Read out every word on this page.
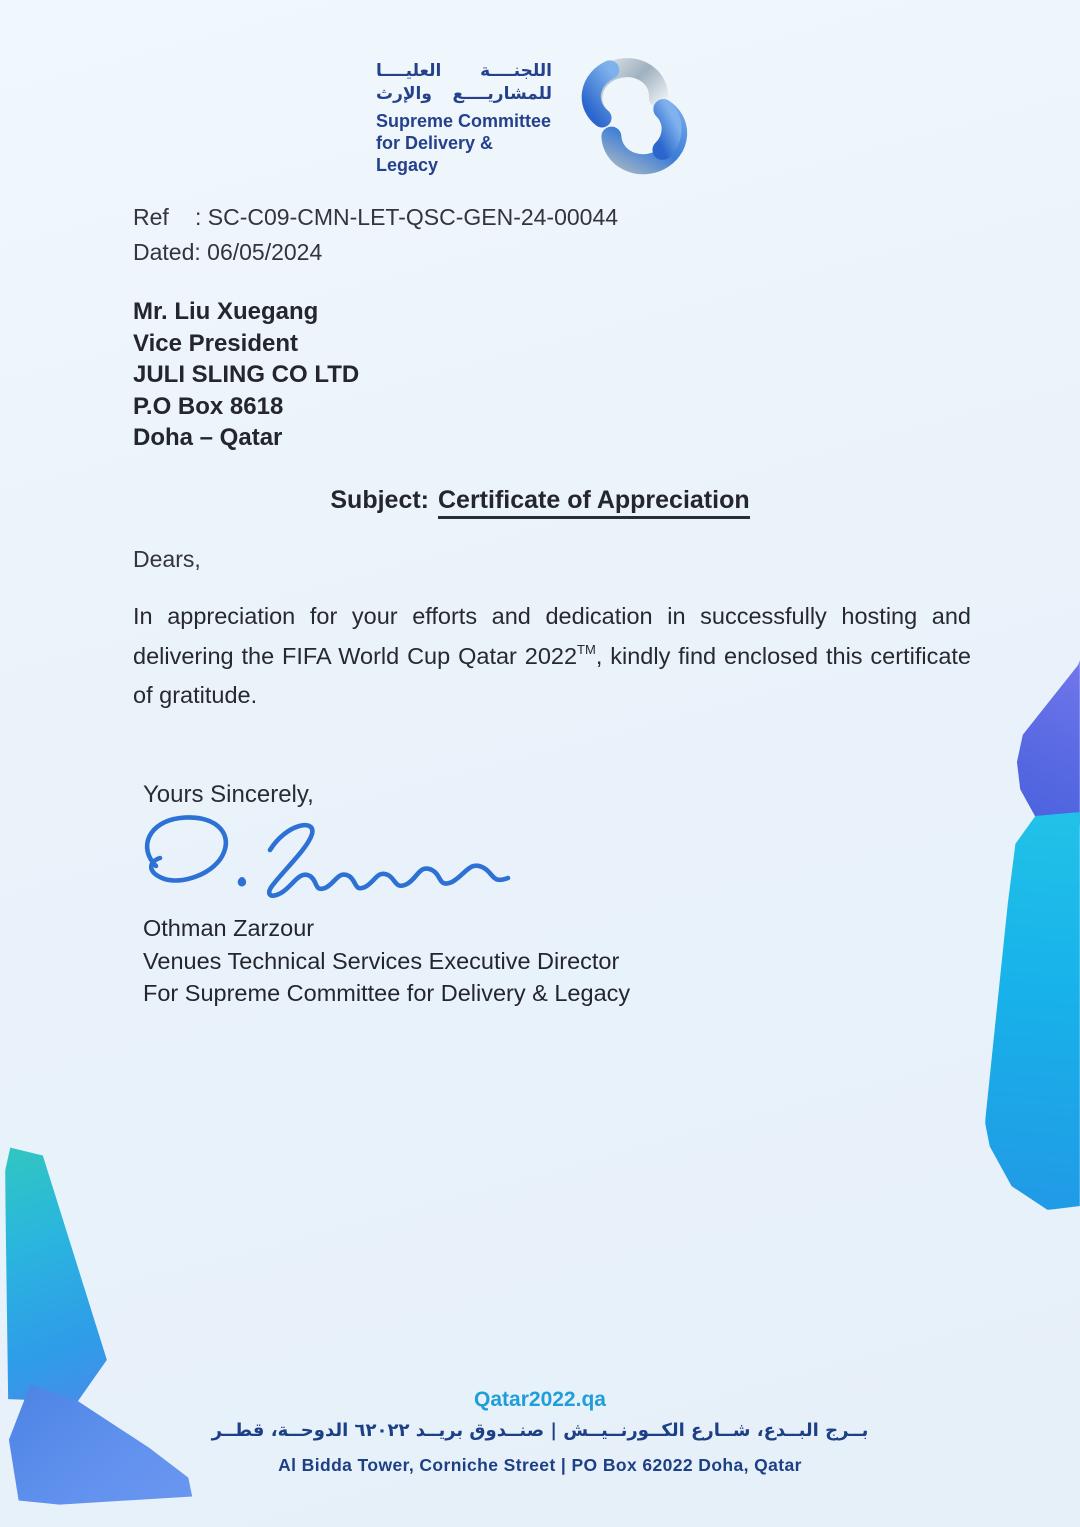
اللجنــــة العليــــا
للمشاريــــع والإرث
Supreme Committee
for Delivery & Legacy
Ref : SC-C09-CMN-LET-QSC-GEN-24-00044
Dated: 06/05/2024
Mr. Liu Xuegang
Vice President
JULI SLING CO LTD
P.O Box 8618
Doha – Qatar
Subject: Certificate of Appreciation
Dears,
In appreciation for your efforts and dedication in successfully hosting and delivering the FIFA World Cup Qatar 2022™, kindly find enclosed this certificate of gratitude.
Yours Sincerely,
Othman Zarzour
Venues Technical Services Executive Director
For Supreme Committee for Delivery & Legacy
Qatar2022.qa
بــرج البــدع، شــارع الكــورنــيــش | صنــدوق بريــد ٦٢٠٢٢ الدوحــة، قطــر
Al Bidda Tower, Corniche Street | PO Box 62022 Doha, Qatar
